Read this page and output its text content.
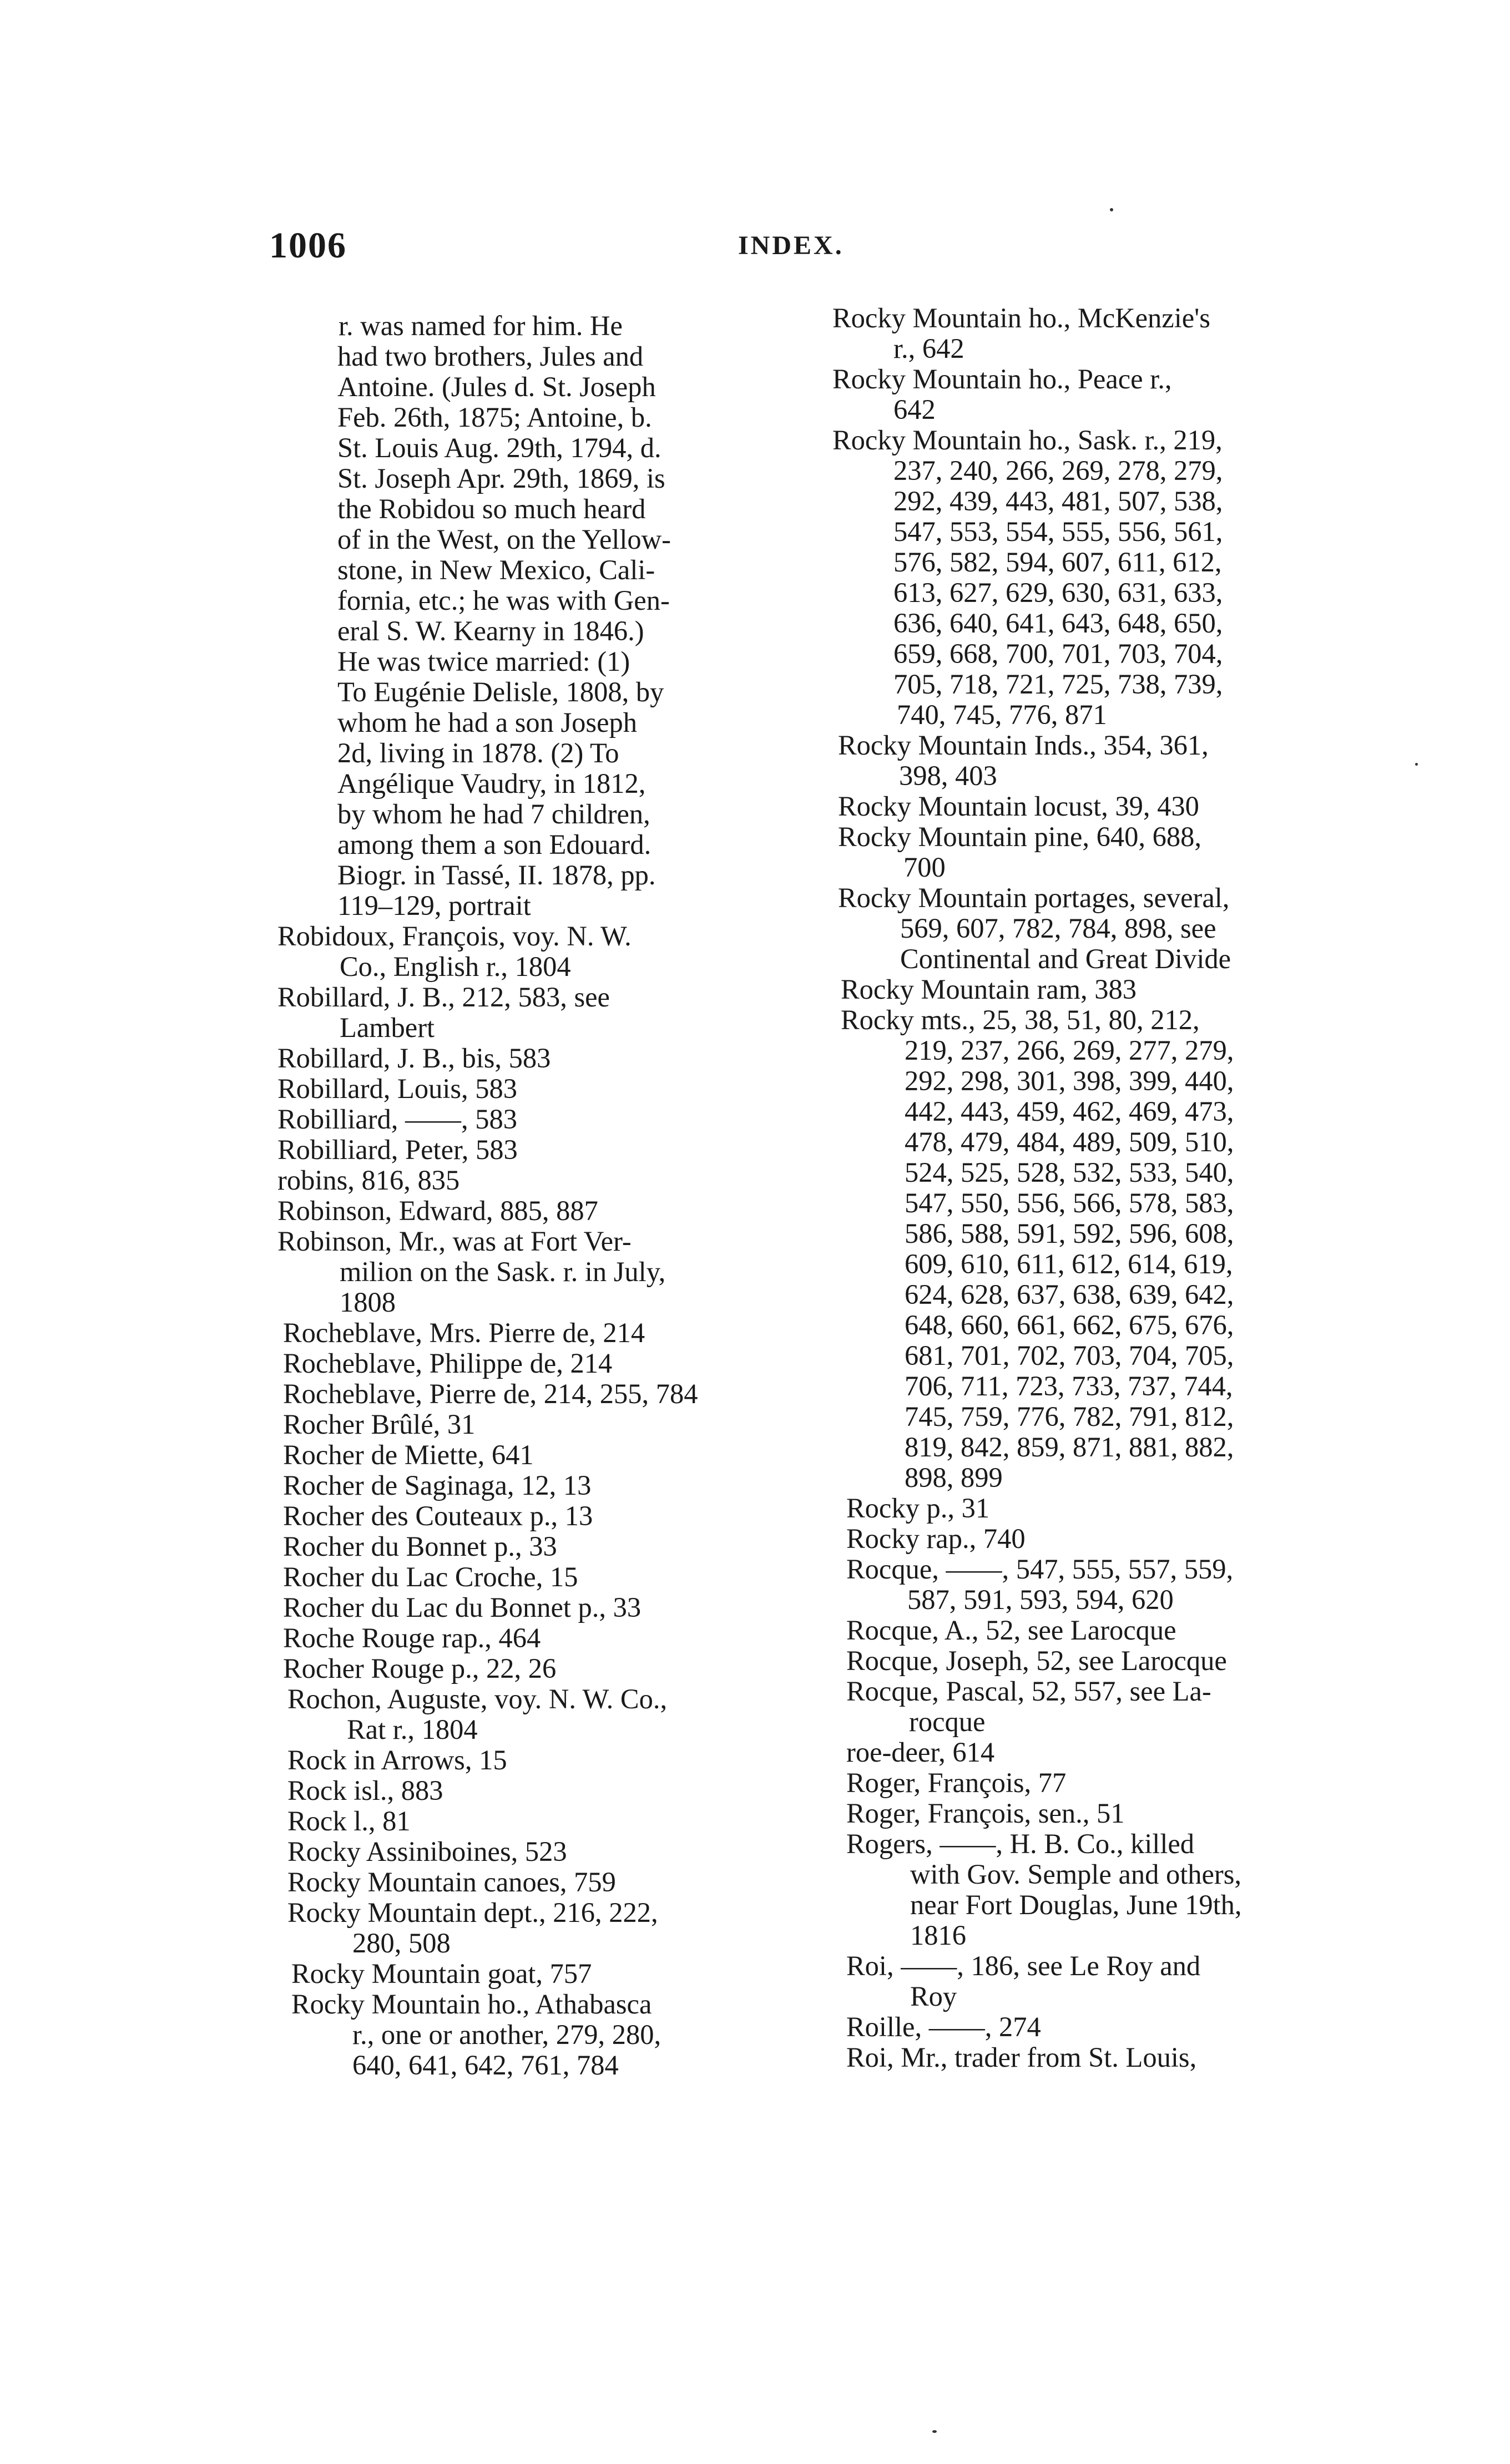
1006	INDEX.
r. was named for him. He
had two brothers, Jules and
Antoine. (Jules d. St. Joseph
Feb. 26th, 1875; Antoine, b.
St. Louis Aug. 29th, 1794, d.
St. Joseph Apr. 29th, 1869, is
the Robidou so much heard
of in the West, on the Yellow-
stone, in New Mexico, Cali-
fornia, etc.; he was with Gen-
eral S. W. Kearny in 1846.)
He was twice married: (1)
To Eugénie Delisle, 1808, by
whom he had a son Joseph
2d, living in 1878. (2) To
Angélique Vaudry, in 1812,
by whom he had 7 children,
among them a son Edouard.
Biogr. in Tassé, II. 1878, pp.
119–129, portrait
Robidoux, François, voy. N. W.
Co., English r., 1804
Robillard, J. B., 212, 583, see
Lambert
Robillard, J. B., bis, 583
Robillard, Louis, 583
Robilliard, ——, 583
Robilliard, Peter, 583
robins, 816, 835
Robinson, Edward, 885, 887
Robinson, Mr., was at Fort Ver-
milion on the Sask. r. in July,
1808
Rocheblave, Mrs. Pierre de, 214
Rocheblave, Philippe de, 214
Rocheblave, Pierre de, 214, 255, 784
Rocher Brûlé, 31
Rocher de Miette, 641
Rocher de Saginaga, 12, 13
Rocher des Couteaux p., 13
Rocher du Bonnet p., 33
Rocher du Lac Croche, 15
Rocher du Lac du Bonnet p., 33
Roche Rouge rap., 464
Rocher Rouge p., 22, 26
Rochon, Auguste, voy. N. W. Co.,
Rat r., 1804
Rock in Arrows, 15
Rock isl., 883
Rock l., 81
Rocky Assiniboines, 523
Rocky Mountain canoes, 759
Rocky Mountain dept., 216, 222,
280, 508
Rocky Mountain goat, 757
Rocky Mountain ho., Athabasca
r., one or another, 279, 280,
640, 641, 642, 761, 784
Rocky Mountain ho., McKenzie's
r., 642
Rocky Mountain ho., Peace r.,
642
Rocky Mountain ho., Sask. r., 219,
237, 240, 266, 269, 278, 279,
292, 439, 443, 481, 507, 538,
547, 553, 554, 555, 556, 561,
576, 582, 594, 607, 611, 612,
613, 627, 629, 630, 631, 633,
636, 640, 641, 643, 648, 650,
659, 668, 700, 701, 703, 704,
705, 718, 721, 725, 738, 739,
740, 745, 776, 871
Rocky Mountain Inds., 354, 361,
398, 403
Rocky Mountain locust, 39, 430
Rocky Mountain pine, 640, 688,
700
Rocky Mountain portages, several,
569, 607, 782, 784, 898, see
Continental and Great Divide
Rocky Mountain ram, 383
Rocky mts., 25, 38, 51, 80, 212,
219, 237, 266, 269, 277, 279,
292, 298, 301, 398, 399, 440,
442, 443, 459, 462, 469, 473,
478, 479, 484, 489, 509, 510,
524, 525, 528, 532, 533, 540,
547, 550, 556, 566, 578, 583,
586, 588, 591, 592, 596, 608,
609, 610, 611, 612, 614, 619,
624, 628, 637, 638, 639, 642,
648, 660, 661, 662, 675, 676,
681, 701, 702, 703, 704, 705,
706, 711, 723, 733, 737, 744,
745, 759, 776, 782, 791, 812,
819, 842, 859, 871, 881, 882,
898, 899
Rocky p., 31
Rocky rap., 740
Rocque, ——, 547, 555, 557, 559,
587, 591, 593, 594, 620
Rocque, A., 52, see Larocque
Rocque, Joseph, 52, see Larocque
Rocque, Pascal, 52, 557, see La-
rocque
roe-deer, 614
Roger, François, 77
Roger, François, sen., 51
Rogers, ——, H. B. Co., killed
with Gov. Semple and others,
near Fort Douglas, June 19th,
1816
Roi, ——, 186, see Le Roy and
Roy
Roille, ——, 274
Roi, Mr., trader from St. Louis,
